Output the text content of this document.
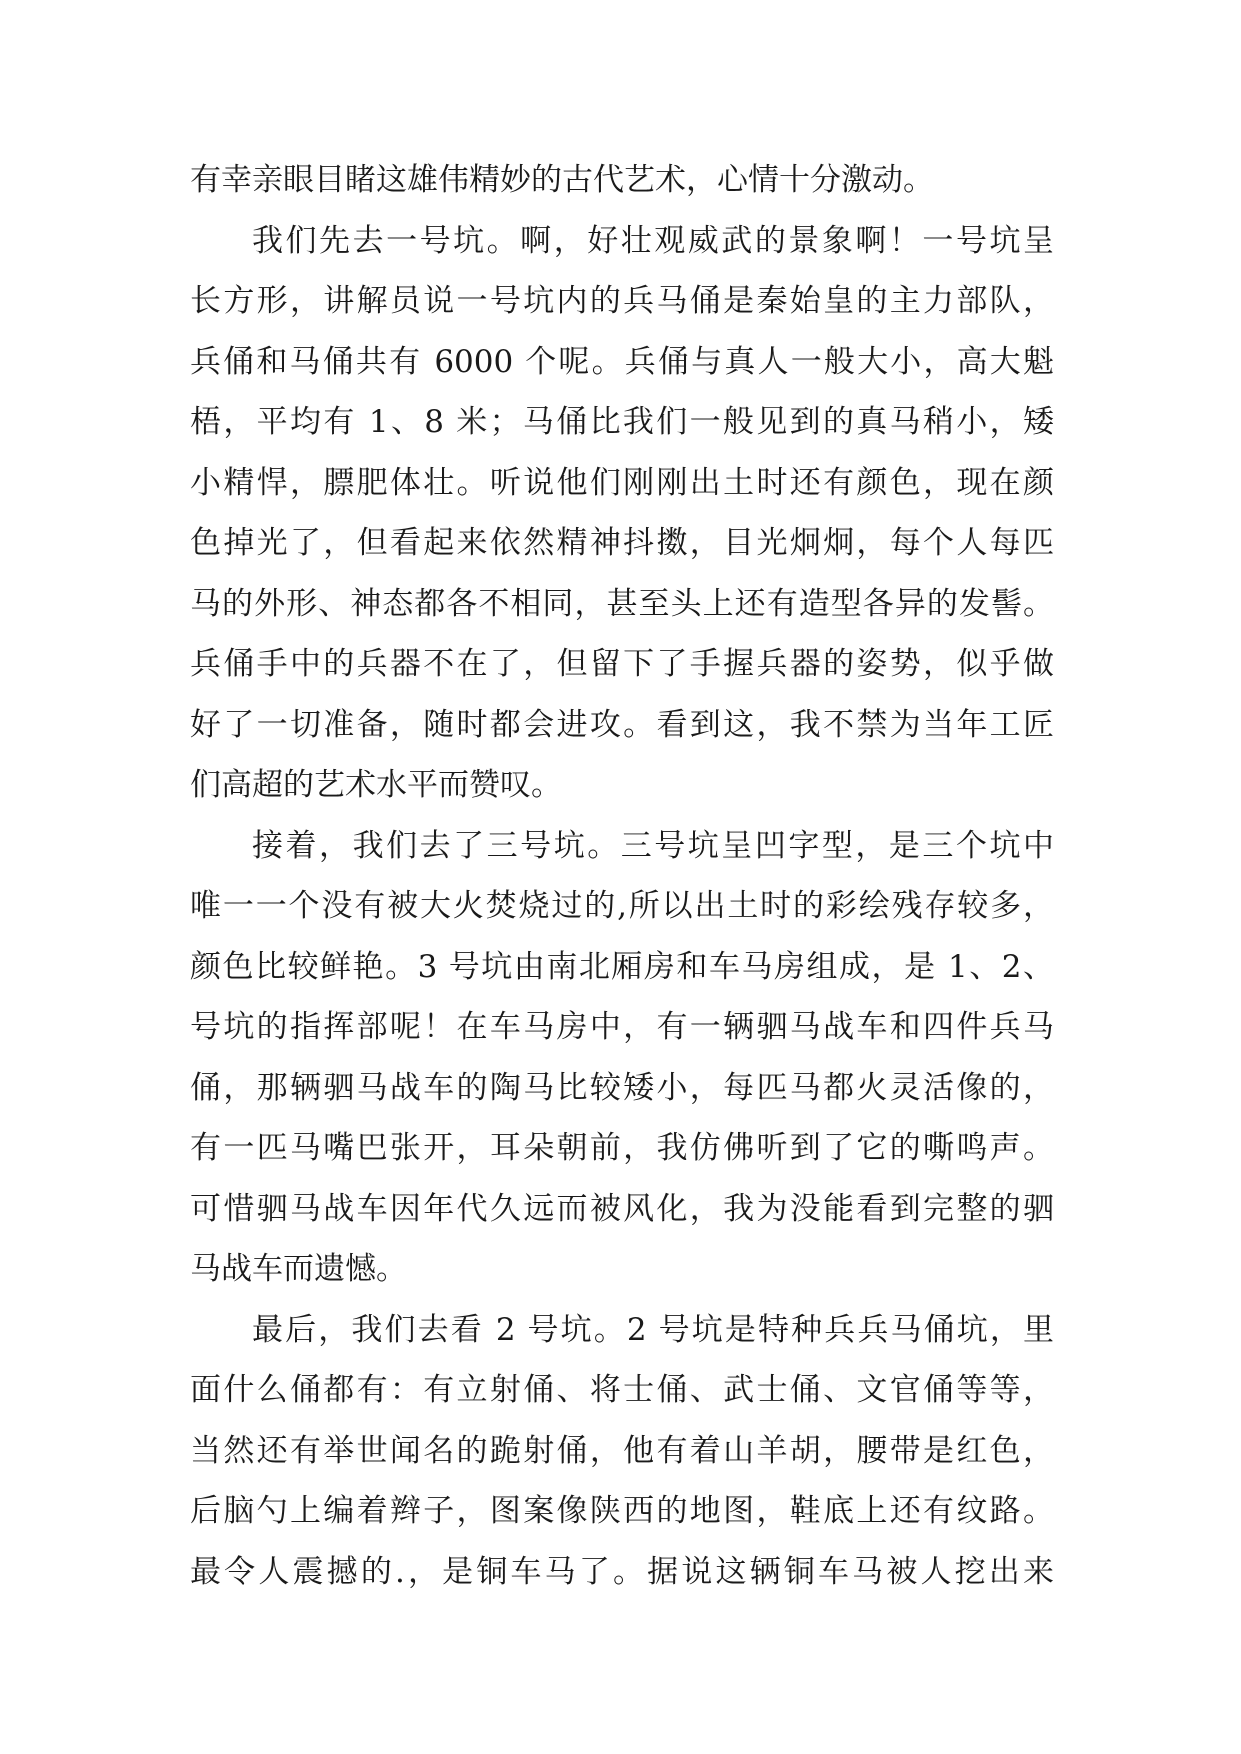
有幸亲眼目睹这雄伟精妙的古代艺术，心情十分激动。
我们先去一号坑。啊，好壮观威武的景象啊！一号坑呈
长方形，讲解员说一号坑内的兵马俑是秦始皇的主力部队，
兵俑和马俑共有 6000 个呢。兵俑与真人一般大小，高大魁
梧，平均有 1、8 米；马俑比我们一般见到的真马稍小，矮
小精悍，膘肥体壮。听说他们刚刚出土时还有颜色，现在颜
色掉光了，但看起来依然精神抖擞，目光炯炯，每个人每匹
马的外形、神态都各不相同，甚至头上还有造型各异的发髻。
兵俑手中的兵器不在了，但留下了手握兵器的姿势，似乎做
好了一切准备，随时都会进攻。看到这，我不禁为当年工匠
们高超的艺术水平而赞叹。
接着，我们去了三号坑。三号坑呈凹字型，是三个坑中
唯一一个没有被大火焚烧过的,所以出土时的彩绘残存较多，
颜色比较鲜艳。3 号坑由南北厢房和车马房组成，是 1、2、
号坑的指挥部呢！在车马房中，有一辆驷马战车和四件兵马
俑，那辆驷马战车的陶马比较矮小，每匹马都火灵活像的，
有一匹马嘴巴张开，耳朵朝前，我仿佛听到了它的嘶鸣声。
可惜驷马战车因年代久远而被风化，我为没能看到完整的驷
马战车而遗憾。
最后，我们去看 2 号坑。2 号坑是特种兵兵马俑坑，里
面什么俑都有：有立射俑、将士俑、武士俑、文官俑等等，
当然还有举世闻名的跪射俑，他有着山羊胡，腰带是红色，
后脑勺上编着辫子，图案像陕西的地图，鞋底上还有纹路。
最令人震撼的.，是铜车马了。据说这辆铜车马被人挖出来
